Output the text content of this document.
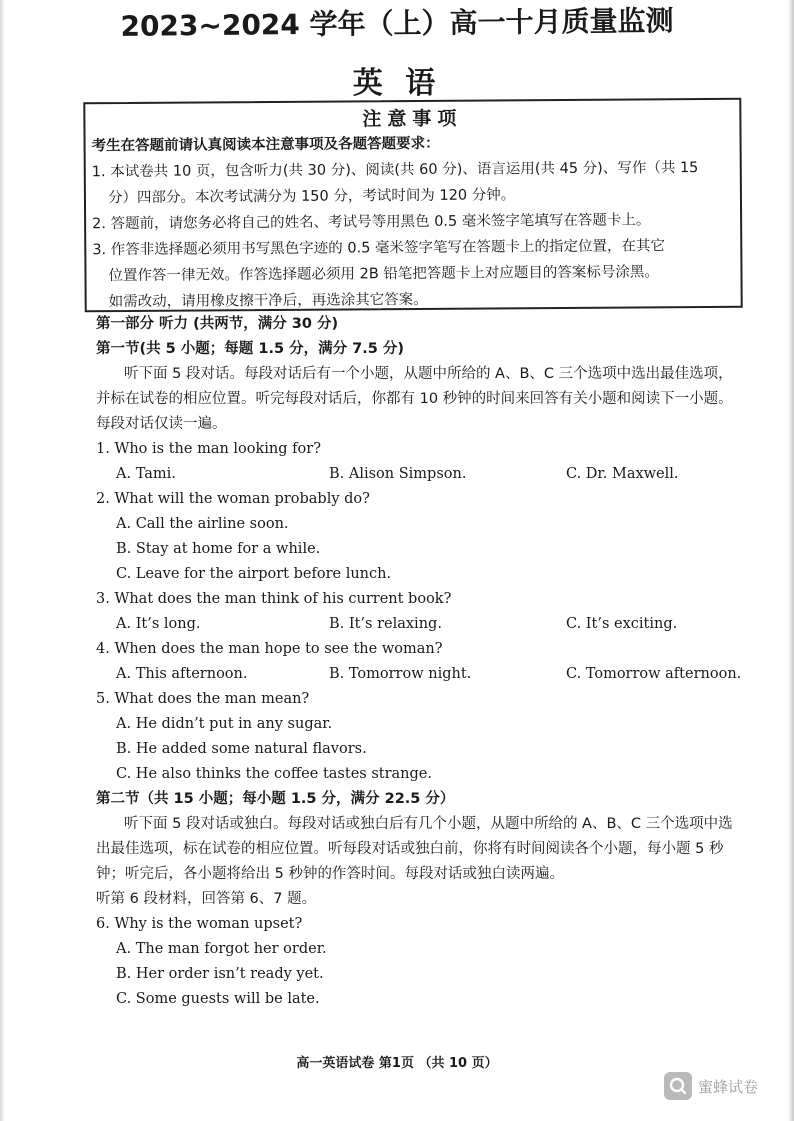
2023~2024 学年（上）高一十月质量监测
英 语
注意事项
考生在答题前请认真阅读本注意事项及各题答题要求：
1. 本试卷共 10 页，包含听力(共 30 分)、阅读(共 60 分)、语言运用(共 45 分)、写作（共 15
分）四部分。本次考试满分为 150 分，考试时间为 120 分钟。
2. 答题前，请您务必将自己的姓名、考试号等用黑色 0.5 毫米签字笔填写在答题卡上。
3. 作答非选择题必须用书写黑色字迹的 0.5 毫米签字笔写在答题卡上的指定位置，在其它
位置作答一律无效。作答选择题必须用 2B 铅笔把答题卡上对应题目的答案标号涂黑。
如需改动，请用橡皮擦干净后，再选涂其它答案。
第一部分 听力 (共两节，满分 30 分)
第一节(共 5 小题；每题 1.5 分，满分 7.5 分)
听下面 5 段对话。每段对话后有一个小题，从题中所给的 A、B、C 三个选项中选出最佳选项，并标在试卷的相应位置。听完每段对话后，你都有 10 秒钟的时间来回答有关小题和阅读下一小题。每段对话仅读一遍。
1. Who is the man looking for?
A. Tami.	B. Alison Simpson.	C. Dr. Maxwell.
2. What will the woman probably do?
A. Call the airline soon.
B. Stay at home for a while.
C. Leave for the airport before lunch.
3. What does the man think of his current book?
A. It’s long.	B. It’s relaxing.	C. It’s exciting.
4. When does the man hope to see the woman?
A. This afternoon.	B. Tomorrow night.	C. Tomorrow afternoon.
5. What does the man mean?
A. He didn’t put in any sugar.
B. He added some natural flavors.
C. He also thinks the coffee tastes strange.
第二节（共 15 小题；每小题 1.5 分，满分 22.5 分）
听下面 5 段对话或独白。每段对话或独白后有几个小题，从题中所给的 A、B、C 三个选项中选出最佳选项，标在试卷的相应位置。听每段对话或独白前，你将有时间阅读各个小题，每小题 5 秒钟；听完后，各小题将给出 5 秒钟的作答时间。每段对话或独白读两遍。
听第 6 段材料，回答第 6、7 题。
6. Why is the woman upset?
A. The man forgot her order.
B. Her order isn’t ready yet.
C. Some guests will be late.
高一英语试卷 第1页 （共 10 页）
蜜蜂试卷
